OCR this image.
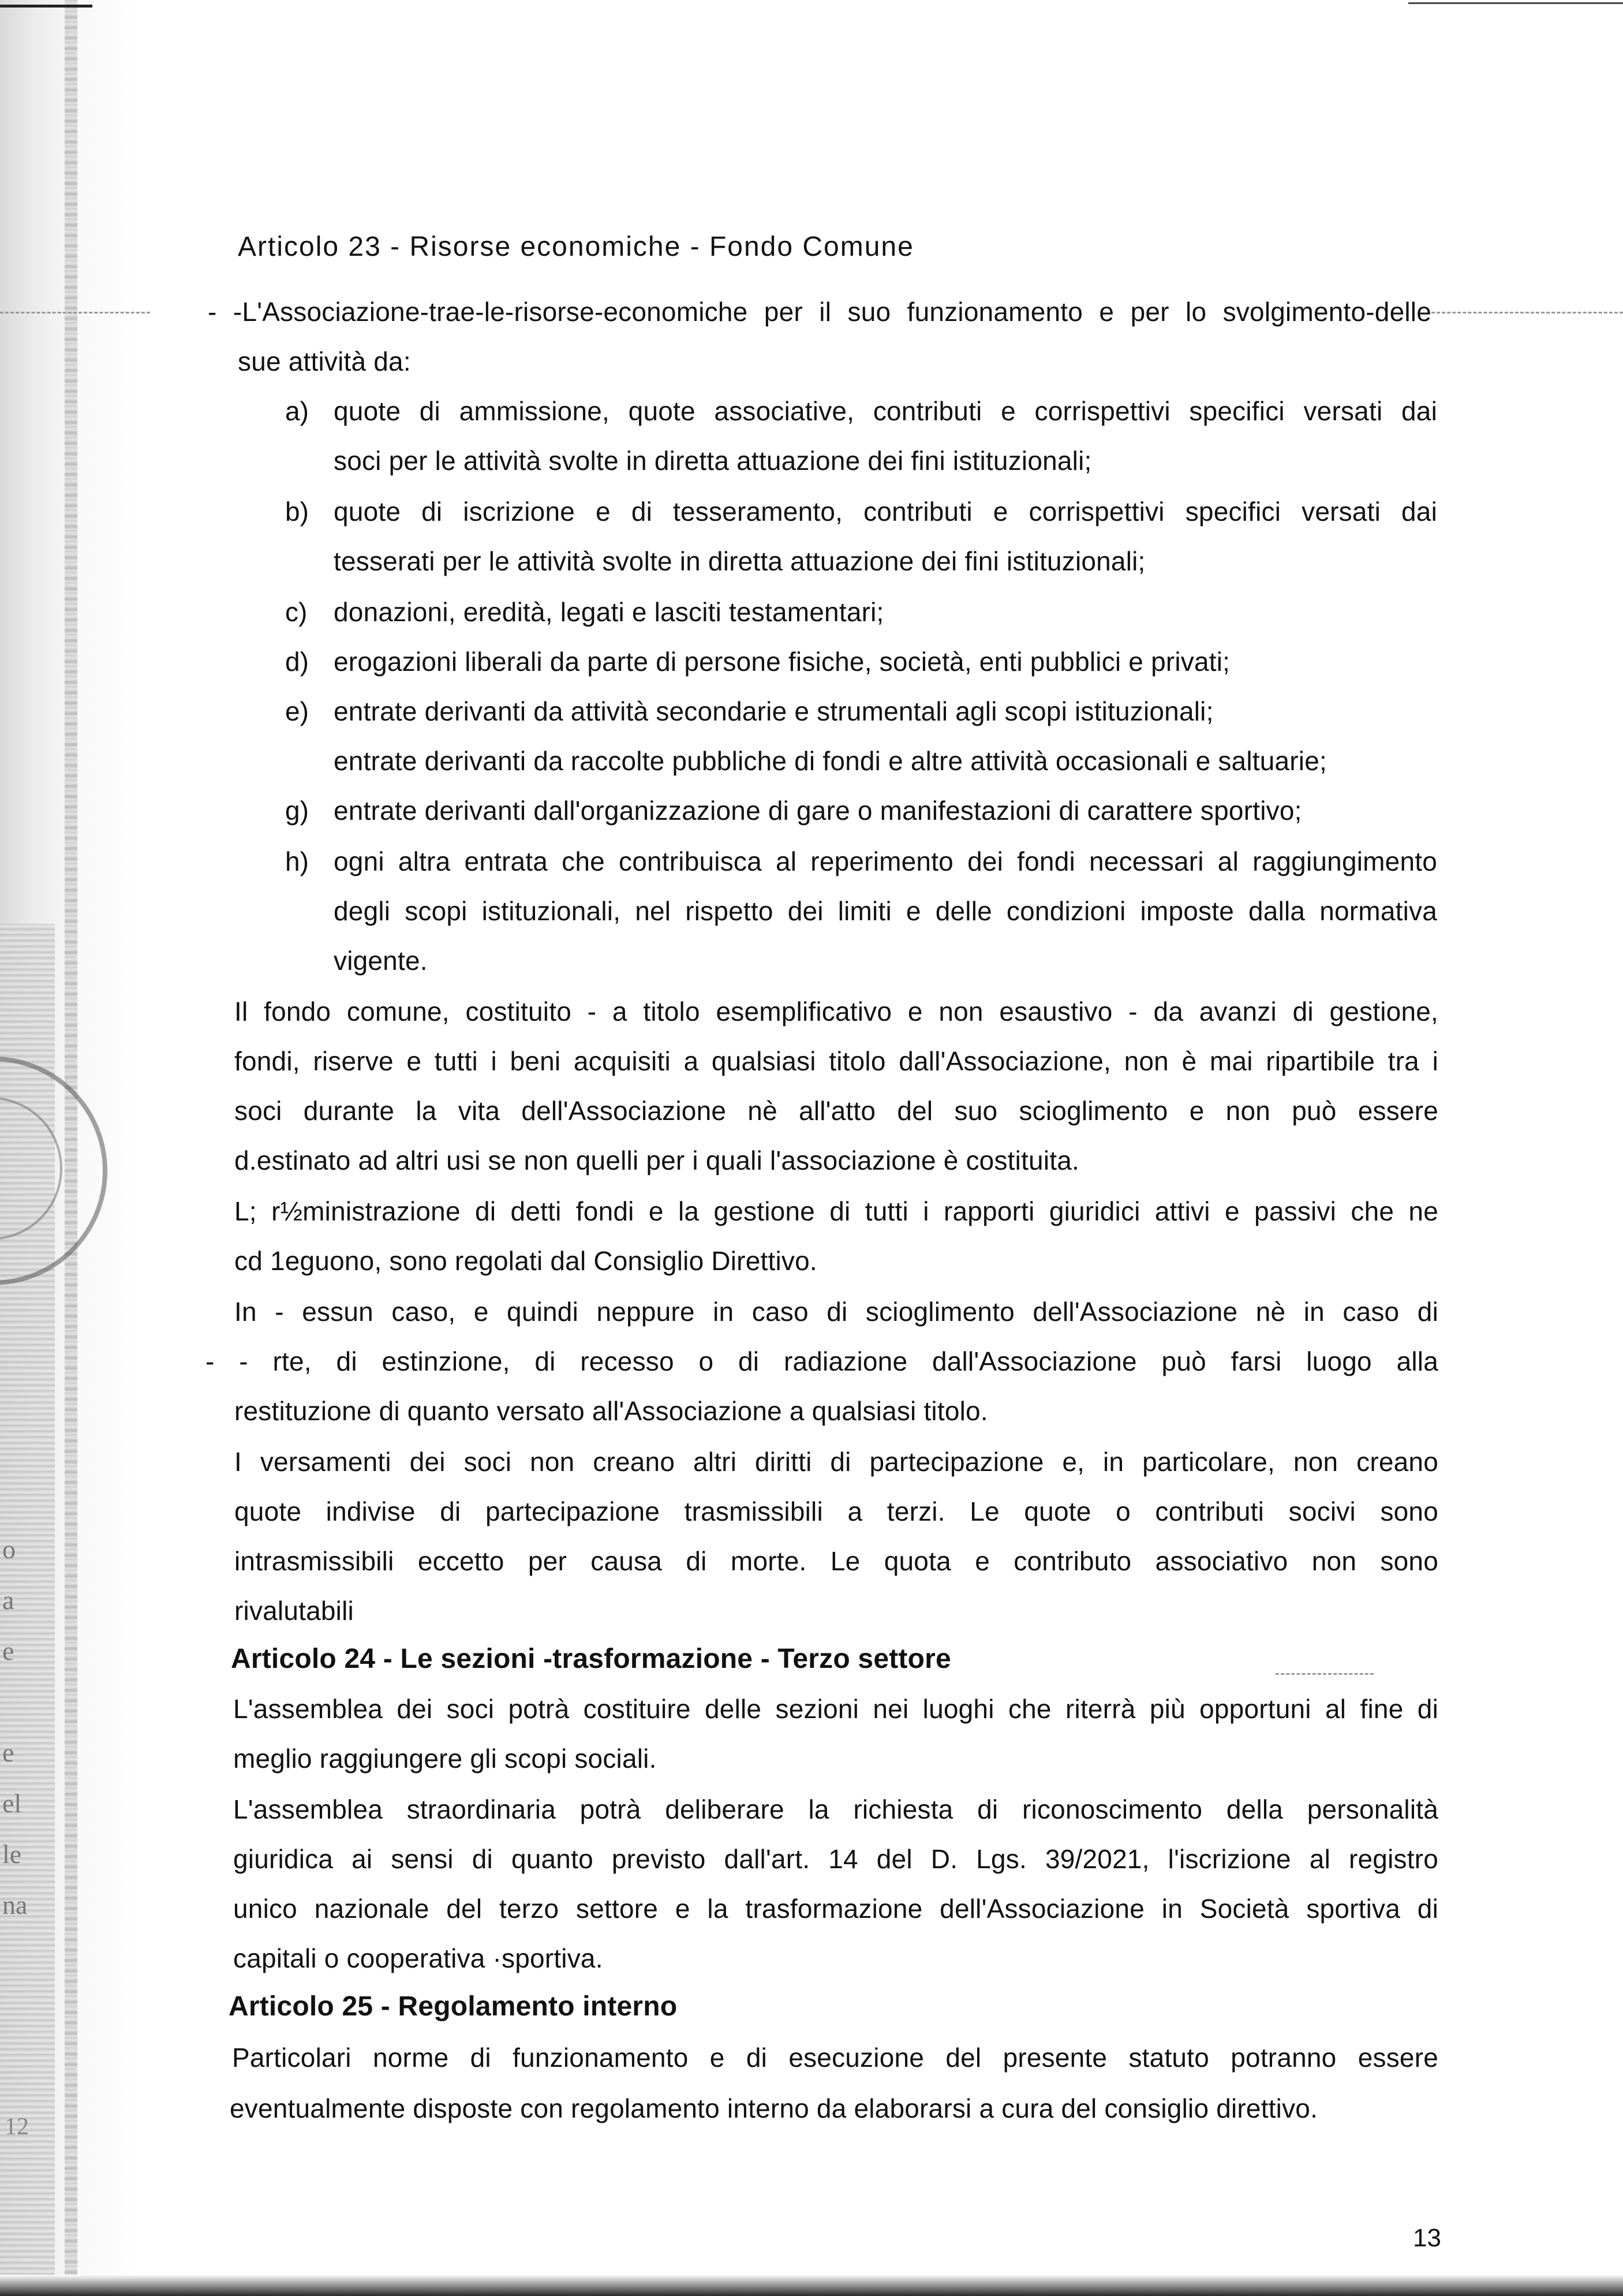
o
a
e
e
el
le
na
12
Articolo 23 - Risorse economiche - Fondo Comune
- -L'Associazione-trae-le-risorse-economiche per il suo funzionamento e per lo svolgimento-delle
sue attività da:
a) quote di ammissione, quote associative, contributi e corrispettivi specifici versati dai
soci per le attività svolte in diretta attuazione dei fini istituzionali;
b) quote di iscrizione e di tesseramento, contributi e corrispettivi specifici versati dai
tesserati per le attività svolte in diretta attuazione dei fini istituzionali;
c) donazioni, eredità, legati e lasciti testamentari;
d) erogazioni liberali da parte di persone fisiche, società, enti pubblici e privati;
e) entrate derivanti da attività secondarie e strumentali agli scopi istituzionali;
entrate derivanti da raccolte pubbliche di fondi e altre attività occasionali e saltuarie;
g) entrate derivanti dall'organizzazione di gare o manifestazioni di carattere sportivo;
h) ogni altra entrata che contribuisca al reperimento dei fondi necessari al raggiungimento
degli scopi istituzionali, nel rispetto dei limiti e delle condizioni imposte dalla normativa
vigente.
Il fondo comune, costituito - a titolo esemplificativo e non esaustivo - da avanzi di gestione,
fondi, riserve e tutti i beni acquisiti a qualsiasi titolo dall'Associazione, non è mai ripartibile tra i
soci durante la vita dell'Associazione nè all'atto del suo scioglimento e non può essere
d.estinato ad altri usi se non quelli per i quali l'associazione è costituita.
L; r½ministrazione di detti fondi e la gestione di tutti i rapporti giuridici attivi e passivi che ne
cd 1eguono, sono regolati dal Consiglio Direttivo.
In - essun caso, e quindi neppure in caso di scioglimento dell'Associazione nè in caso di
- - rte, di estinzione, di recesso o di radiazione dall'Associazione può farsi luogo alla
restituzione di quanto versato all'Associazione a qualsiasi titolo.
I versamenti dei soci non creano altri diritti di partecipazione e, in particolare, non creano
quote indivise di partecipazione trasmissibili a terzi. Le quote o contributi socivi sono
intrasmissibili eccetto per causa di morte. Le quota e contributo associativo non sono
rivalutabili
Articolo 24 - Le sezioni -trasformazione - Terzo settore
L'assemblea dei soci potrà costituire delle sezioni nei luoghi che riterrà più opportuni al fine di
meglio raggiungere gli scopi sociali.
L'assemblea straordinaria potrà deliberare la richiesta di riconoscimento della personalità
giuridica ai sensi di quanto previsto dall'art. 14 del D. Lgs. 39/2021, l'iscrizione al registro
unico nazionale del terzo settore e la trasformazione dell'Associazione in Società sportiva di
capitali o cooperativa ·sportiva.
Articolo 25 - Regolamento interno
Particolari norme di funzionamento e di esecuzione del presente statuto potranno essere
eventualmente disposte con regolamento interno da elaborarsi a cura del consiglio direttivo.
13
